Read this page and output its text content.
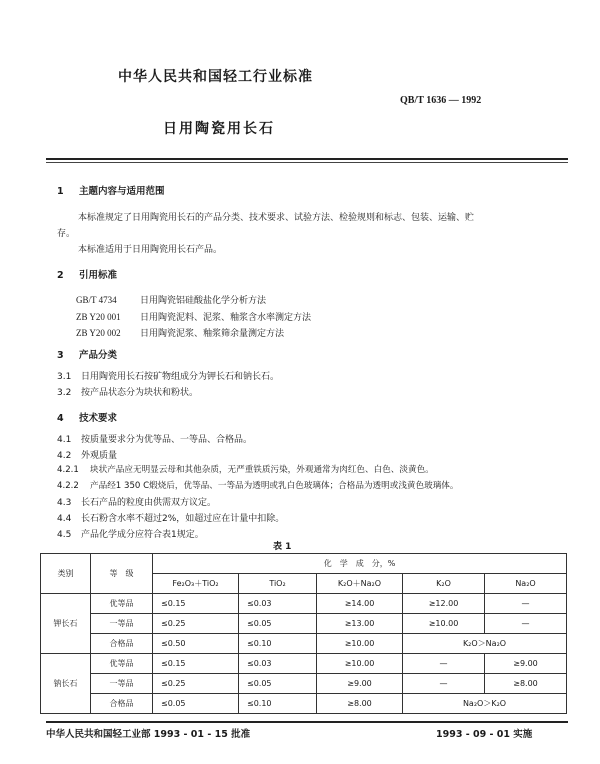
中华人民共和国轻工行业标准
QB/T 1636 — 1992
日用陶瓷用长石
1 主题内容与适用范围
本标准规定了日用陶瓷用长石的产品分类、技术要求、试验方法、检验规则和标志、包装、运输、贮
存。
本标准适用于日用陶瓷用长石产品。
2 引用标准
GB/T 4734	日用陶瓷铝硅酸盐化学分析方法
ZB Y20 001 日用陶瓷泥料、泥浆、釉浆含水率测定方法
ZB Y20 002 日用陶瓷泥浆、釉浆筛余量测定方法
3 产品分类
3.1 日用陶瓷用长石按矿物组成分为钾长石和钠长石。
3.2 按产品状态分为块状和粉状。
4 技术要求
4.1 按质量要求分为优等品、一等品、合格品。
4.2 外观质量
4.2.1 块状产品应无明显云母和其他杂质，无严重铁质污染，外观通常为肉红色、白色、淡黄色。
4.2.2 产品经1 350 C煅烧后，优等品、一等品为透明或乳白色玻璃体；合格品为透明或浅黄色玻璃体。
4.3 长石产品的粒度由供需双方议定。
4.4 长石粉含水率不超过2%，如超过应在计量中扣除。
4.5 产品化学成分应符合表1规定。
表 1
类别	等　级	化　学　成　分，%				
		Fe₂O₃＋TiO₂	TiO₂	K₂O＋Na₂O	K₂O	Na₂O
钾长石	优等品	≤0.15	≤0.03	≥14.00	≥12.00	—
	一等品	≤0.25	≤0.05	≥13.00	≥10.00	—
	合格品	≤0.50	≤0.10	≥10.00	K₂O＞Na₂O	
钠长石	优等品	≤0.15	≤0.03	≥10.00	—	≥9.00
	一等品	≤0.25	≤0.05	≥9.00	—	≥8.00
	合格品	≤0.05	≤0.10	≥8.00	Na₂O＞K₂O	
中华人民共和国轻工业部 1993 - 01 - 15 批准	1993 - 09 - 01 实施
